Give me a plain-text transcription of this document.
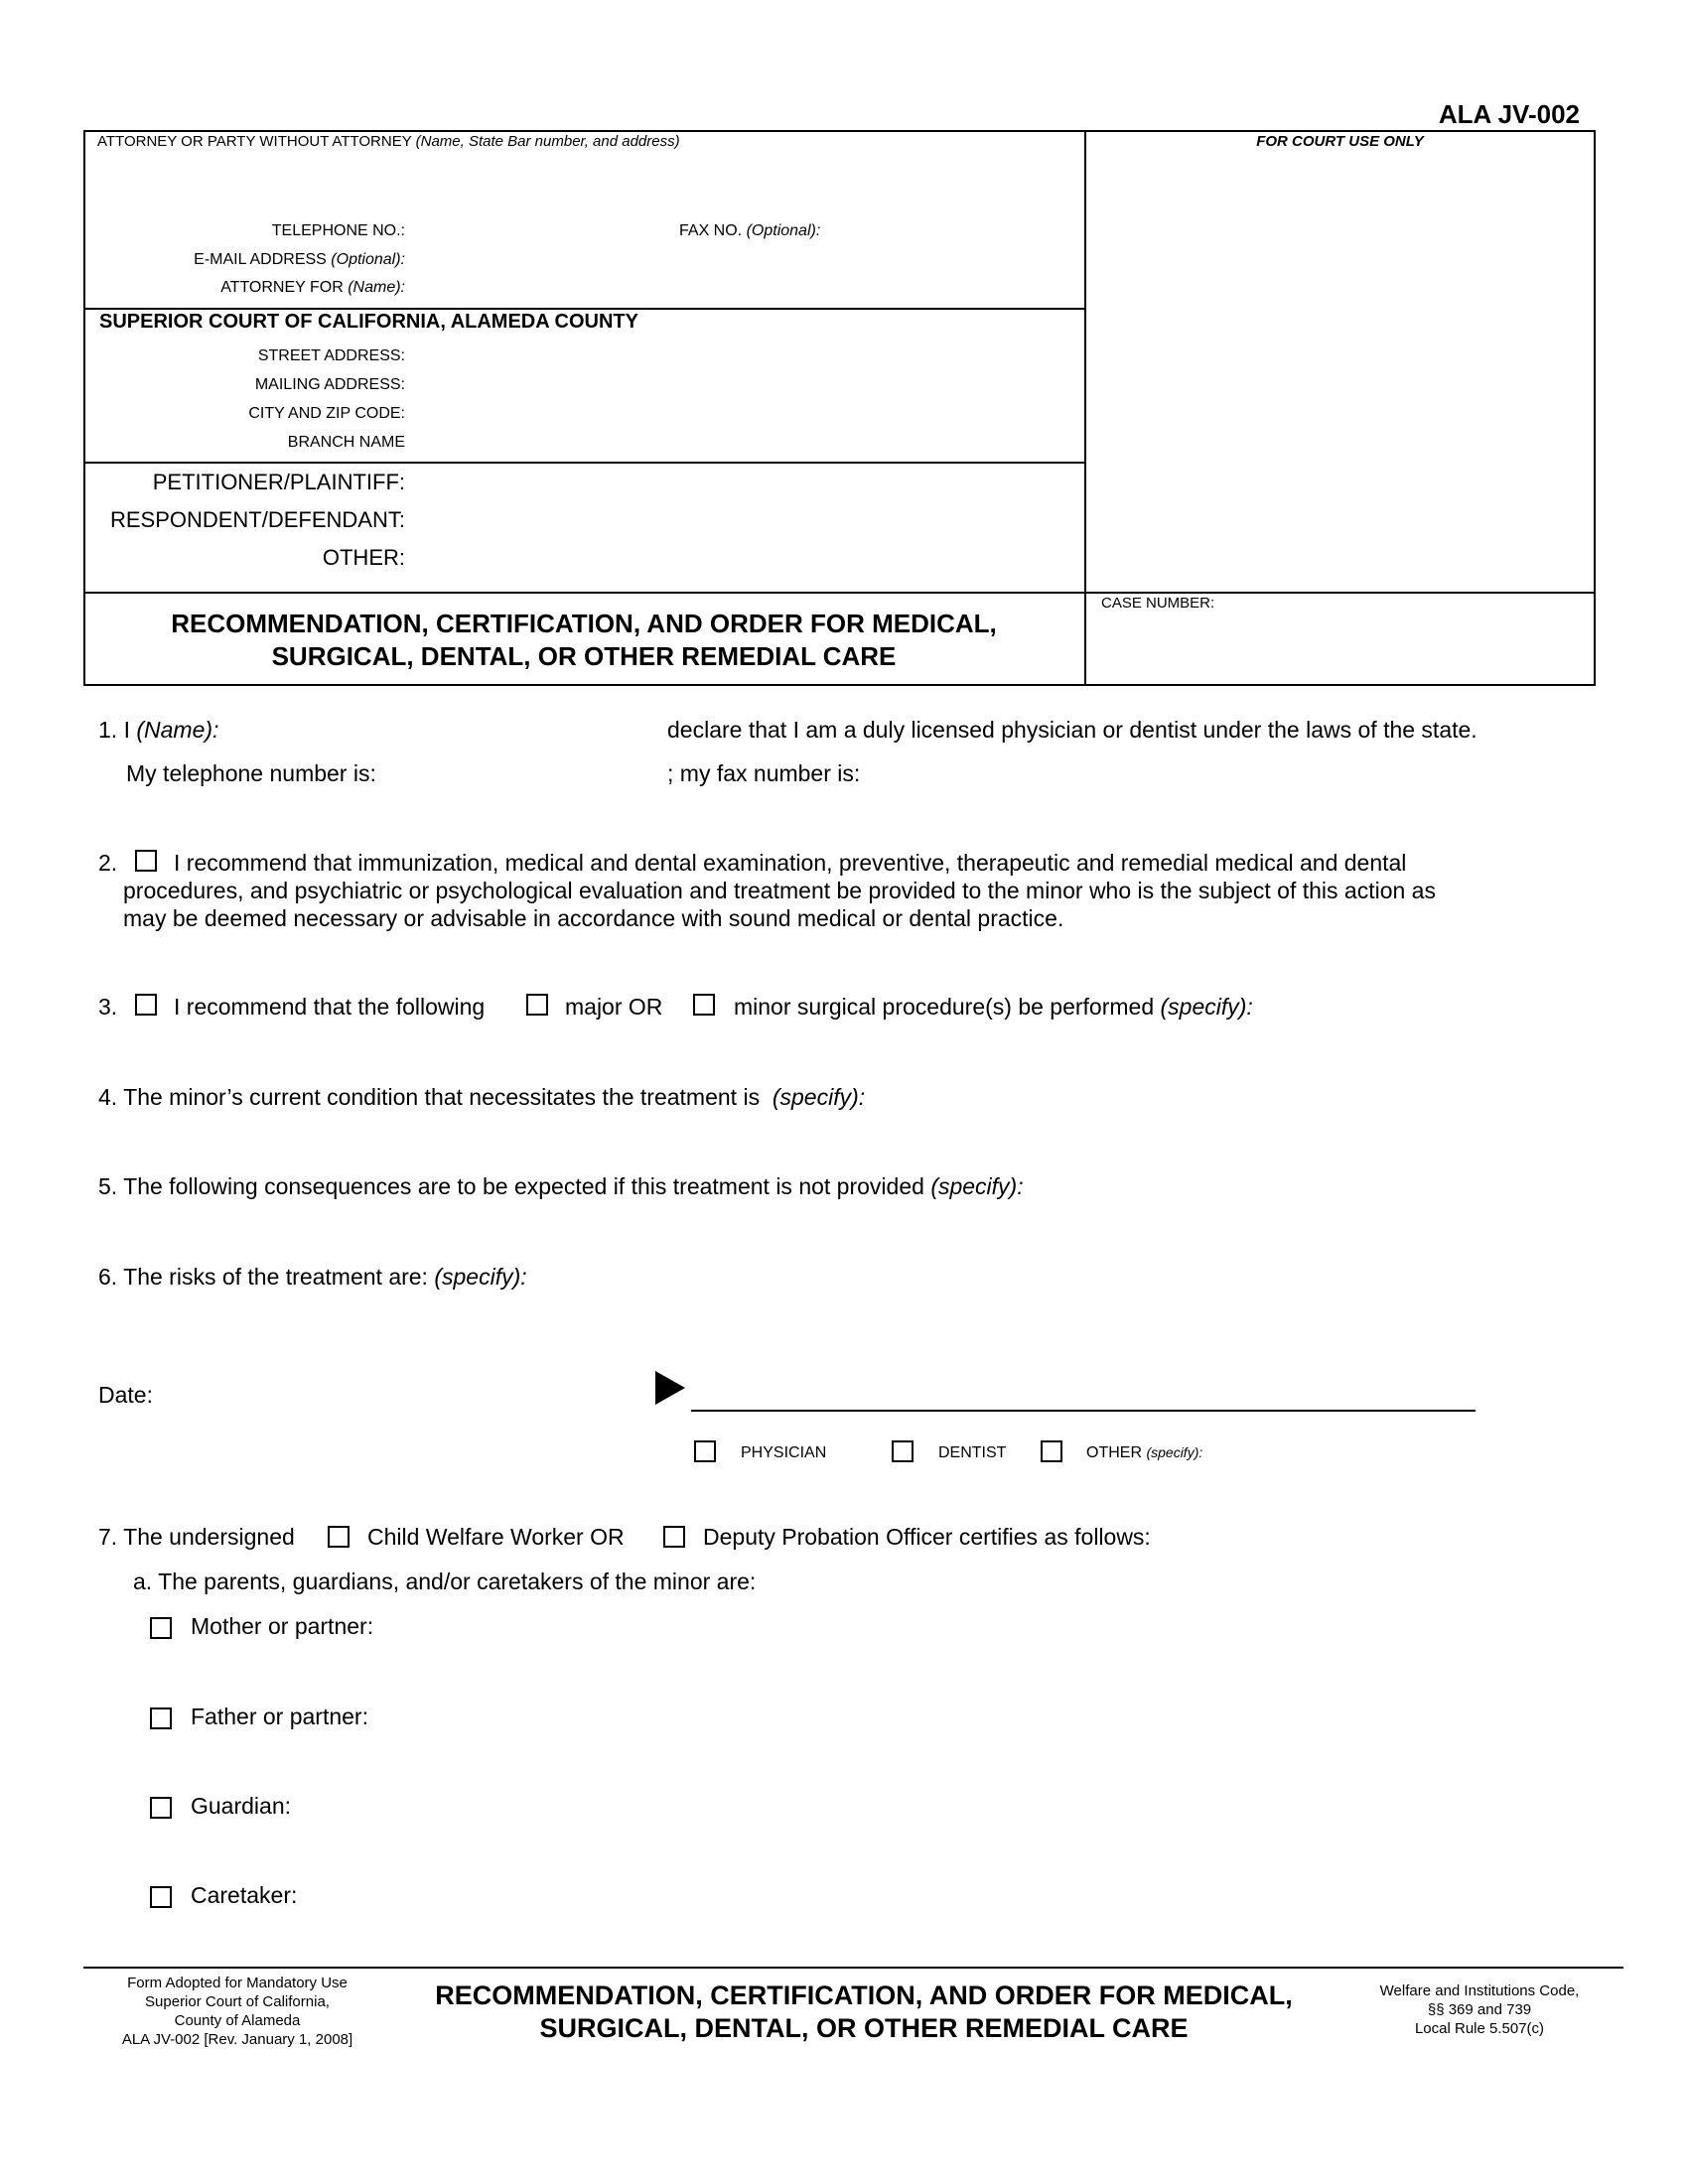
ALA JV-002
ATTORNEY OR PARTY WITHOUT ATTORNEY (Name, State Bar number, and address)	FOR COURT USE ONLY
TELEPHONE NO.:	FAX NO. (Optional):
E-MAIL ADDRESS (Optional):
ATTORNEY FOR (Name):
SUPERIOR COURT OF CALIFORNIA, ALAMEDA COUNTY
STREET ADDRESS:
MAILING ADDRESS:
CITY AND ZIP CODE:
BRANCH NAME
PETITIONER/PLAINTIFF:
RESPONDENT/DEFENDANT:
OTHER:
RECOMMENDATION, CERTIFICATION, AND ORDER FOR MEDICAL,
SURGICAL, DENTAL, OR OTHER REMEDIAL CARE
CASE NUMBER:
1. I (Name):	declare that I am a duly licensed physician or dentist under the laws of the state.
My telephone number is:	; my fax number is:
2. I recommend that immunization, medical and dental examination, preventive, therapeutic and remedial medical and dental
procedures, and psychiatric or psychological evaluation and treatment be provided to the minor who is the subject of this action as
may be deemed necessary or advisable in accordance with sound medical or dental practice.
3. I recommend that the following	major OR	minor surgical procedure(s) be performed (specify):
4. The minor’s current condition that necessitates the treatment is (specify):
5. The following consequences are to be expected if this treatment is not provided (specify):
6. The risks of the treatment are: (specify):
Date:
PHYSICIAN	DENTIST	OTHER (specify):
7. The undersigned	Child Welfare Worker OR	Deputy Probation Officer certifies as follows:
a. The parents, guardians, and/or caretakers of the minor are:
Mother or partner:
Father or partner:
Guardian:
Caretaker:
Form Adopted for Mandatory Use
Superior Court of California,
County of Alameda
ALA JV-002 [Rev. January 1, 2008]
RECOMMENDATION, CERTIFICATION, AND ORDER FOR MEDICAL,
SURGICAL, DENTAL, OR OTHER REMEDIAL CARE
Welfare and Institutions Code,
§§ 369 and 739
Local Rule 5.507(c)
